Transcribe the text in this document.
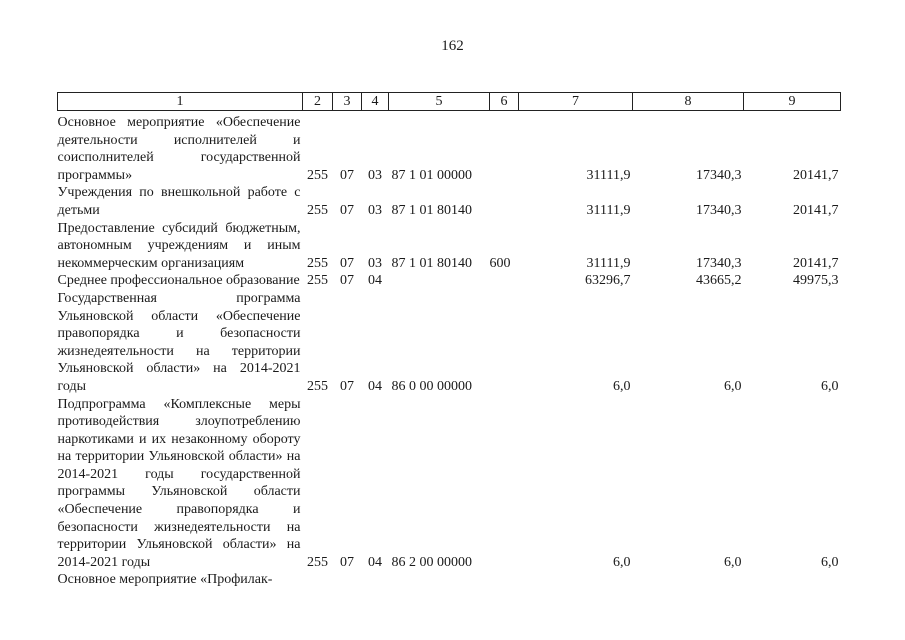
162
1	2	3	4	5	6	7	8	9
Основное мероприятие «Обеспечение деятельности исполнителей и соисполнителей государственной программы»	255	07	03	87 1 01 00000		31111,9	17340,3	20141,7
Учреждения по внешкольной работе с детьми	255	07	03	87 1 01 80140		31111,9	17340,3	20141,7
Предоставление субсидий бюджетным, автономным учреждениям и иным некоммерческим организациям	255	07	03	87 1 01 80140	600	31111,9	17340,3	20141,7
Среднее профессиональное образование	255	07	04			63296,7	43665,2	49975,3
Государственная программа Ульяновской области «Обеспечение правопорядка и безопасности жизнедеятельности на территории Ульяновской области» на 2014-2021 годы	255	07	04	86 0 00 00000		6,0	6,0	6,0
Подпрограмма «Комплексные меры противодействия злоупотреблению наркотиками и их незаконному обороту на территории Ульяновской области» на 2014-2021 годы государственной программы Ульяновской области «Обеспечение правопорядка и безопасности жизнедеятельности на территории Ульяновской области» на 2014-2021 годы	255	07	04	86 2 00 00000		6,0	6,0	6,0
Основное мероприятие «Профилак-								
